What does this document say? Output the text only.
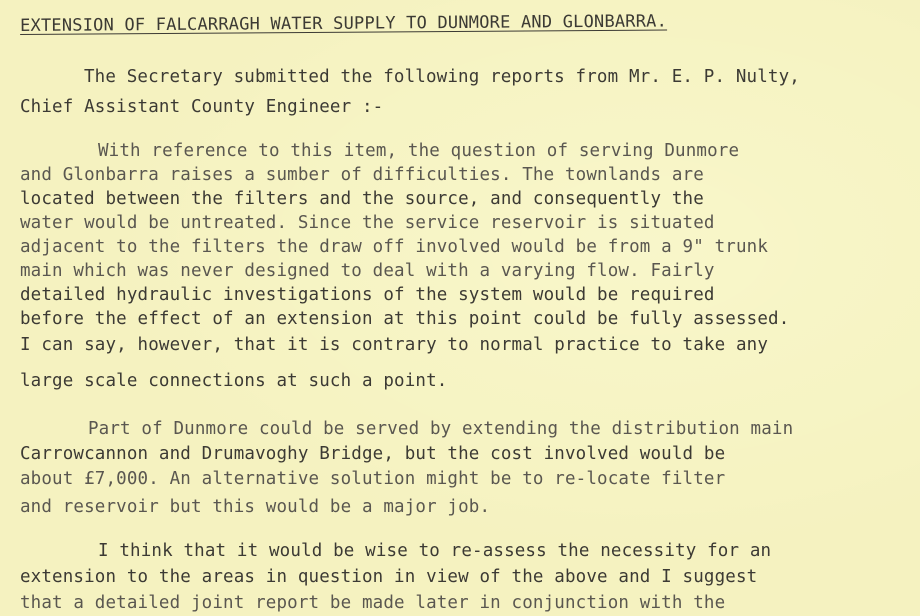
EXTENSION OF FALCARRAGH WATER SUPPLY TO DUNMORE AND GLONBARRA.
The Secretary submitted the following reports from Mr. E. P. Nulty,
Chief Assistant County Engineer :-
With reference to this item, the question of serving Dunmore
and Glonbarra raises a sumber of difficulties. The townlands are
located between the filters and the source, and consequently the
water would be untreated. Since the service reservoir is situated
adjacent to the filters the draw off involved would be from a 9" trunk
main which was never designed to deal with a varying flow. Fairly
detailed hydraulic investigations of the system would be required
before the effect of an extension at this point could be fully assessed.
I can say, however, that it is contrary to normal practice to take any
large scale connections at such a point.
Part of Dunmore could be served by extending the distribution main
Carrowcannon and Drumavoghy Bridge, but the cost involved would be
about £7,000. An alternative solution might be to re-locate filter
and reservoir but this would be a major job.
I think that it would be wise to re-assess the necessity for an
extension to the areas in question in view of the above and I suggest
that a detailed joint report be made later in conjunction with the
